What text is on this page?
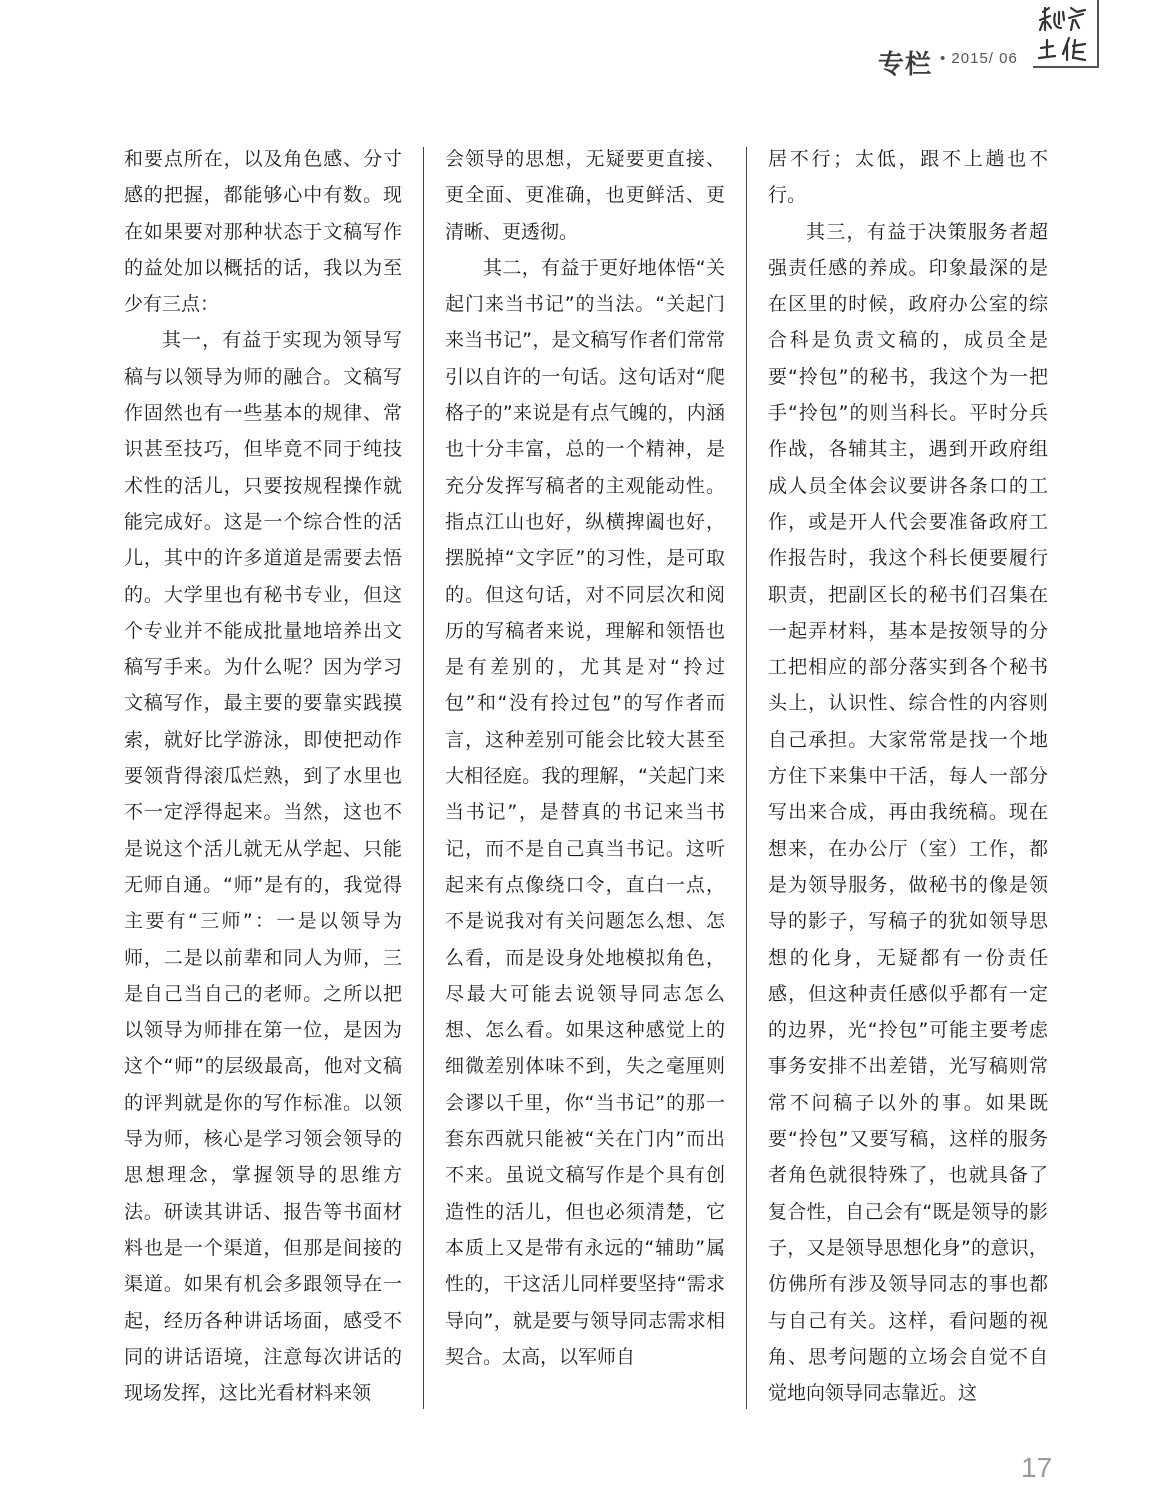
专栏 • 2015/ 06

和要点所在，以及角色感、分寸感的把握，都能够心中有数。现在如果要对那种状态于文稿写作的益处加以概括的话，我以为至少有三点：

其一，有益于实现为领导写稿与以领导为师的融合。文稿写作固然也有一些基本的规律、常识甚至技巧，但毕竟不同于纯技术性的活儿，只要按规程操作就能完成好。这是一个综合性的活儿，其中的许多道道是需要去悟的。大学里也有秘书专业，但这个专业并不能成批量地培养出文稿写手来。为什么呢？因为学习文稿写作，最主要的要靠实践摸索，就好比学游泳，即使把动作要领背得滚瓜烂熟，到了水里也不一定浮得起来。当然，这也不是说这个活儿就无从学起、只能无师自通。“师”是有的，我觉得主要有“三师”：一是以领导为师，二是以前辈和同人为师，三是自己当自己的老师。之所以把以领导为师排在第一位，是因为这个“师”的层级最高，他对文稿的评判就是你的写作标准。以领导为师，核心是学习领会领导的思想理念，掌握领导的思维方法。研读其讲话、报告等书面材料也是一个渠道，但那是间接的渠道。如果有机会多跟领导在一起，经历各种讲话场面，感受不同的讲话语境，注意每次讲话的现场发挥，这比光看材料来领

会领导的思想，无疑要更直接、更全面、更准确，也更鲜活、更清晰、更透彻。

其二，有益于更好地体悟“关起门来当书记”的当法。“关起门来当书记”，是文稿写作者们常常引以自许的一句话。这句话对“爬格子的”来说是有点气魄的，内涵也十分丰富，总的一个精神，是充分发挥写稿者的主观能动性。指点江山也好，纵横捭阖也好，摆脱掉“文字匠”的习性，是可取的。但这句话，对不同层次和阅历的写稿者来说，理解和领悟也是有差别的，尤其是对“拎过包”和“没有拎过包”的写作者而言，这种差别可能会比较大甚至大相径庭。我的理解，“关起门来当书记”，是替真的书记来当书记，而不是自己真当书记。这听起来有点像绕口令，直白一点，不是说我对有关问题怎么想、怎么看，而是设身处地模拟角色，尽最大可能去说领导同志怎么想、怎么看。如果这种感觉上的细微差别体味不到，失之毫厘则会谬以千里，你“当书记”的那一套东西就只能被“关在门内”而出不来。虽说文稿写作是个具有创造性的活儿，但也必须清楚，它本质上又是带有永远的“辅助”属性的，干这活儿同样要坚持“需求导向”，就是要与领导同志需求相契合。太高，以军师自

居不行；太低，跟不上趟也不行。

其三，有益于决策服务者超强责任感的养成。印象最深的是在区里的时候，政府办公室的综合科是负责文稿的，成员全是要“拎包”的秘书，我这个为一把手“拎包”的则当科长。平时分兵作战，各辅其主，遇到开政府组成人员全体会议要讲各条口的工作，或是开人代会要准备政府工作报告时，我这个科长便要履行职责，把副区长的秘书们召集在一起弄材料，基本是按领导的分工把相应的部分落实到各个秘书头上，认识性、综合性的内容则自己承担。大家常常是找一个地方住下来集中干活，每人一部分写出来合成，再由我统稿。现在想来，在办公厅（室）工作，都是为领导服务，做秘书的像是领导的影子，写稿子的犹如领导思想的化身，无疑都有一份责任感，但这种责任感似乎都有一定的边界，光“拎包”可能主要考虑事务安排不出差错，光写稿则常常不问稿子以外的事。如果既要“拎包”又要写稿，这样的服务者角色就很特殊了，也就具备了复合性，自己会有“既是领导的影子，又是领导思想化身”的意识，仿佛所有涉及领导同志的事也都与自己有关。这样，看问题的视角、思考问题的立场会自觉不自觉地向领导同志靠近。这

17
